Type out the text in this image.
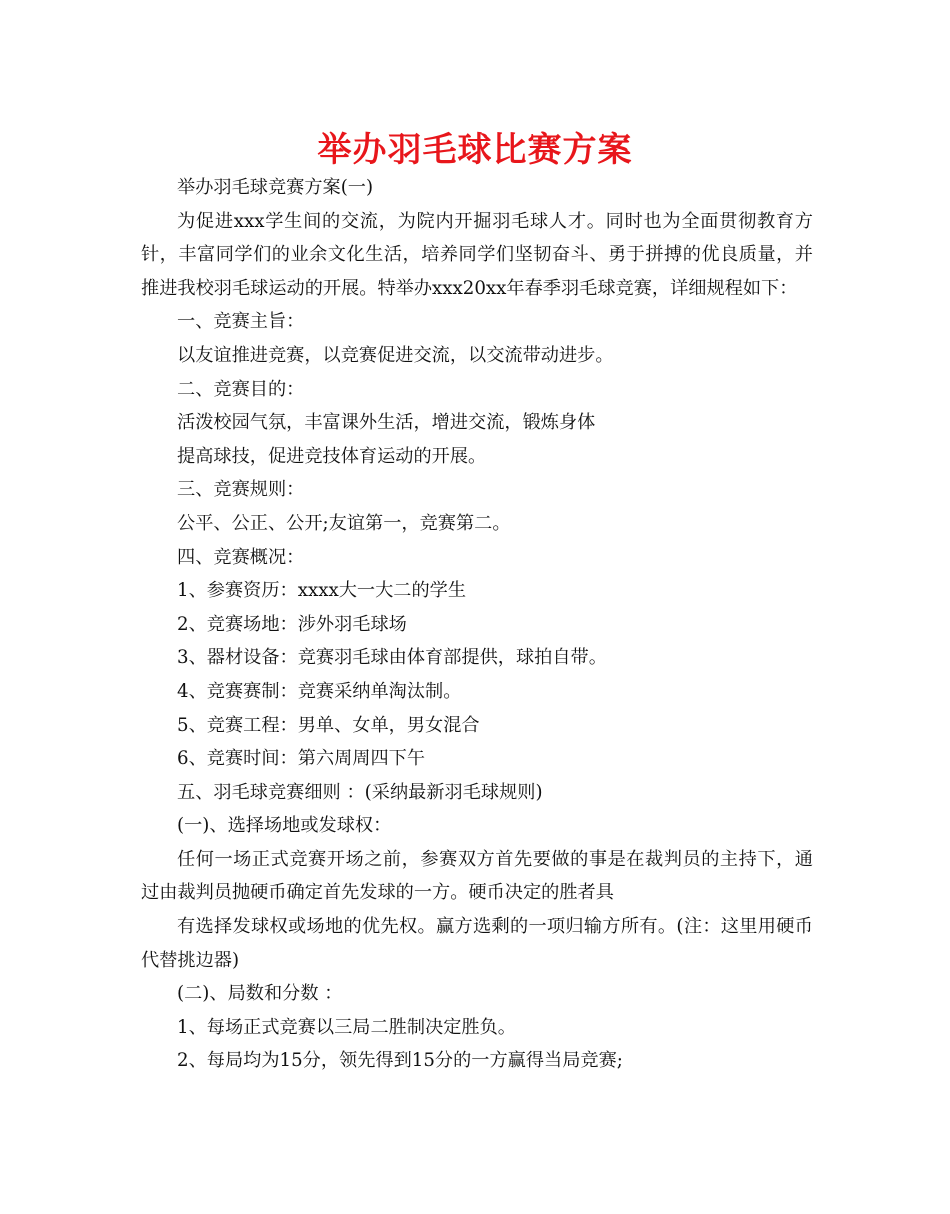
举办羽毛球比赛方案

举办羽毛球竞赛方案(一)

为促进xxx学生间的交流，为院内开掘羽毛球人才。同时也为全面贯彻教育方针，丰富同学们的业余文化生活，培养同学们坚韧奋斗、勇于拼搏的优良质量，并推进我校羽毛球运动的开展。特举办xxx20xx年春季羽毛球竞赛，详细规程如下：

一、竞赛主旨：

以友谊推进竞赛，以竞赛促进交流，以交流带动进步。

二、竞赛目的：

活泼校园气氛，丰富课外生活，增进交流，锻炼身体

提高球技，促进竞技体育运动的开展。

三、竞赛规则：

公平、公正、公开;友谊第一，竞赛第二。

四、竞赛概况：

1、参赛资历：xxxx大一大二的学生

2、竞赛场地：涉外羽毛球场

3、器材设备：竞赛羽毛球由体育部提供，球拍自带。

4、竞赛赛制：竞赛采纳单淘汰制。

5、竞赛工程：男单、女单，男女混合

6、竞赛时间：第六周周四下午

五、羽毛球竞赛细则 ：(采纳最新羽毛球规则)

(一)、选择场地或发球权：

任何一场正式竞赛开场之前，参赛双方首先要做的事是在裁判员的主持下，通过由裁判员抛硬币确定首先发球的一方。硬币决定的胜者具

有选择发球权或场地的优先权。赢方选剩的一项归输方所有。(注：这里用硬币代替挑边器)

(二)、局数和分数 ：

1、每场正式竞赛以三局二胜制决定胜负。

2、每局均为15分，领先得到15分的一方赢得当局竞赛;
